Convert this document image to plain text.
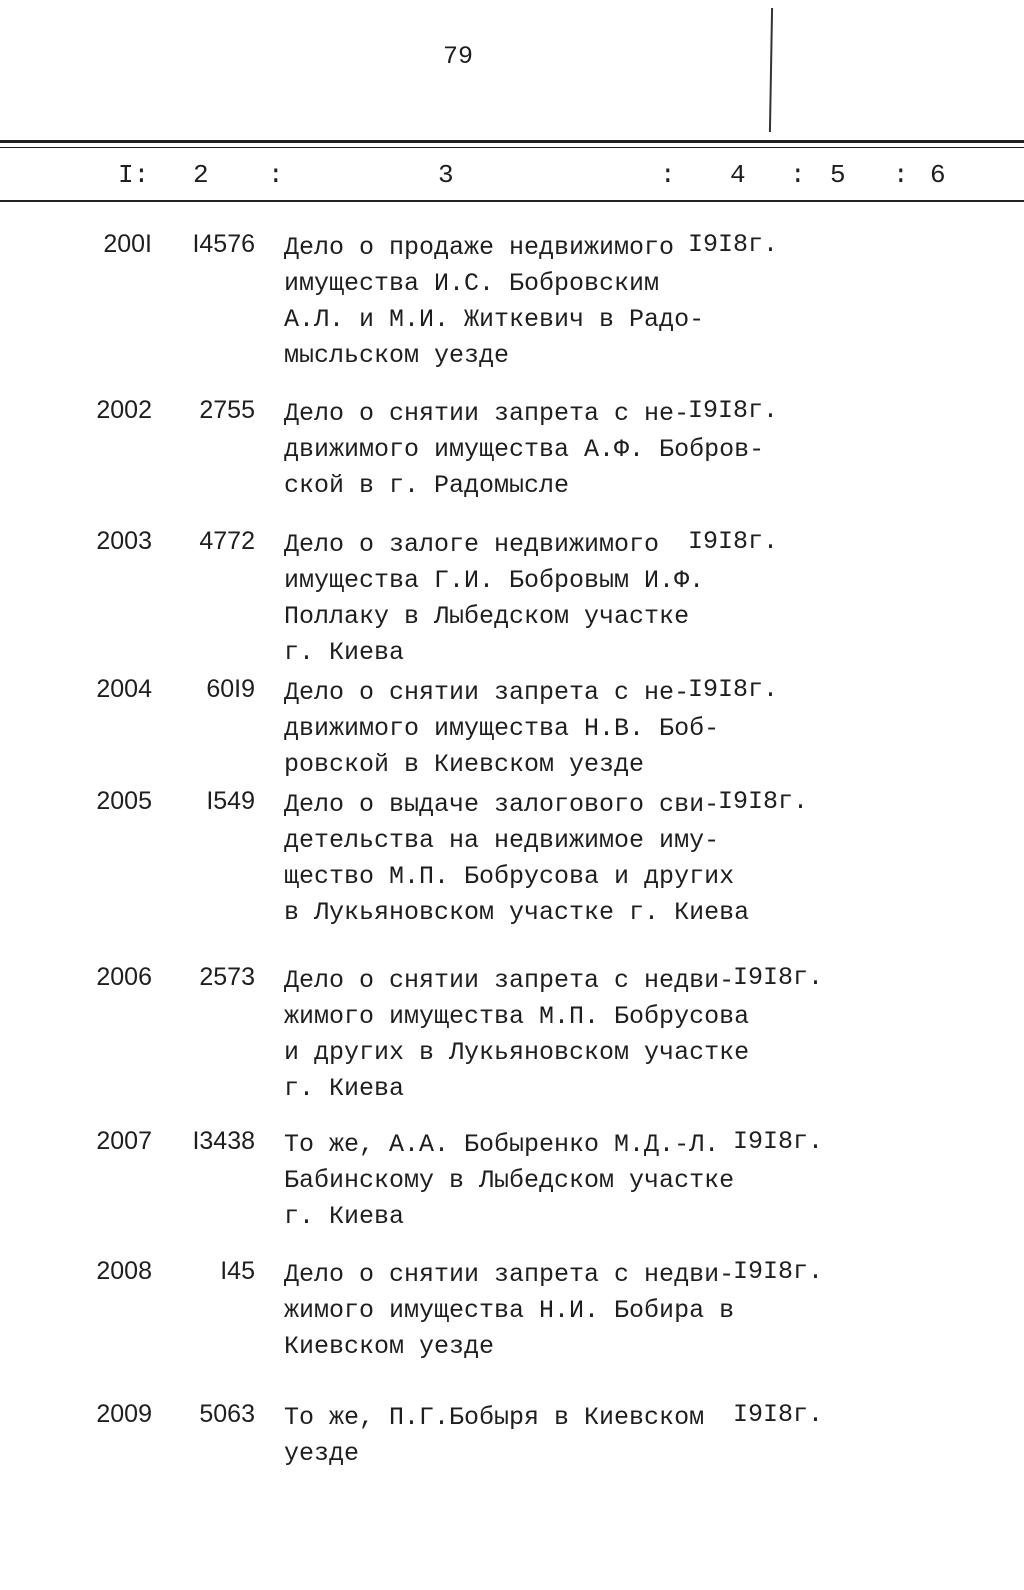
79
I: 2 :	3	: 4 : 5 : 6
200I	I4576 Дело о продаже недвижимого
имущества И.С. Бобровским
А.Л. и М.И. Житкевич в Радо-
мысльском уезде
I9I8г.
2002	2755 Дело о снятии запрета с не-
движимого имущества А.Ф. Бобров-
ской в г. Радомысле
I9I8г.
2003	4772 Дело о залоге недвижимого
имущества Г.И. Бобровым И.Ф.
Поллаку в Лыбедском участке
г. Киева
I9I8г.
2004	60I9 Дело о снятии запрета с не-
движимого имущества Н.В. Боб-
ровской в Киевском уезде
I9I8г.
2005	I549 Дело о выдаче залогового сви-
детельства на недвижимое иму-
щество М.П. Бобрусова и других
в Лукьяновском участке г. Киева
I9I8г.
2006	2573 Дело о снятии запрета с недви-
жимого имущества М.П. Бобрусова
и других в Лукьяновском участке
г. Киева
I9I8г.
2007	I3438 То же, А.А. Бобыренко М.Д.-Л.
Бабинскому в Лыбедском участке
г. Киева
I9I8г.
2008	I45 Дело о снятии запрета с недви-
жимого имущества Н.И. Бобира в
Киевском уезде
I9I8г.
2009	5063 То же, П.Г.Бобыря в Киевском
уезде
I9I8г.
